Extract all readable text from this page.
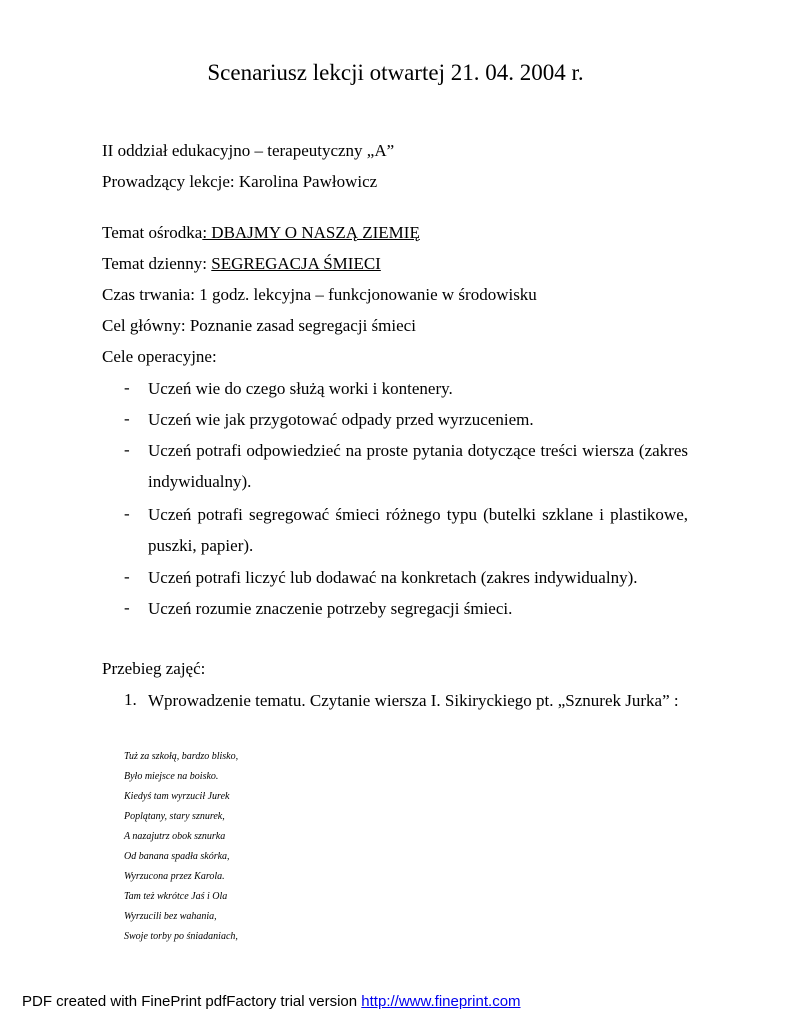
Scenariusz lekcji otwartej 21. 04. 2004 r.
II oddział edukacyjno – terapeutyczny „A”
Prowadzący lekcje: Karolina Pawłowicz
Temat ośrodka: DBAJMY O NASZĄ ZIEMIĘ
Temat dzienny: SEGREGACJA ŚMIECI
Czas trwania: 1 godz. lekcyjna – funkcjonowanie w środowisku
Cel główny: Poznanie zasad segregacji śmieci
Cele operacyjne:
- Uczeń wie do czego służą worki i kontenery.
- Uczeń wie jak przygotować odpady przed wyrzuceniem.
- Uczeń potrafi odpowiedzieć na proste pytania dotyczące treści wiersza (zakres indywidualny).
- Uczeń potrafi segregować śmieci różnego typu (butelki szklane i plastikowe, puszki, papier).
- Uczeń potrafi liczyć lub dodawać na konkretach (zakres indywidualny).
- Uczeń rozumie znaczenie potrzeby segregacji śmieci.
Przebieg zajęć:
1. Wprowadzenie tematu. Czytanie wiersza I. Sikiryckiego pt. „Sznurek Jurka” :
Tuż za szkołą, bardzo blisko,
Było miejsce na boisko.
Kiedyś tam wyrzucił Jurek
Poplątany, stary sznurek,
A nazajutrz obok sznurka
Od banana spadła skórka,
Wyrzucona przez Karola.
Tam też wkrótce Jaś i Ola
Wyrzucili bez wahania,
Swoje torby po śniadaniach,
PDF created with FinePrint pdfFactory trial version http://www.fineprint.com
